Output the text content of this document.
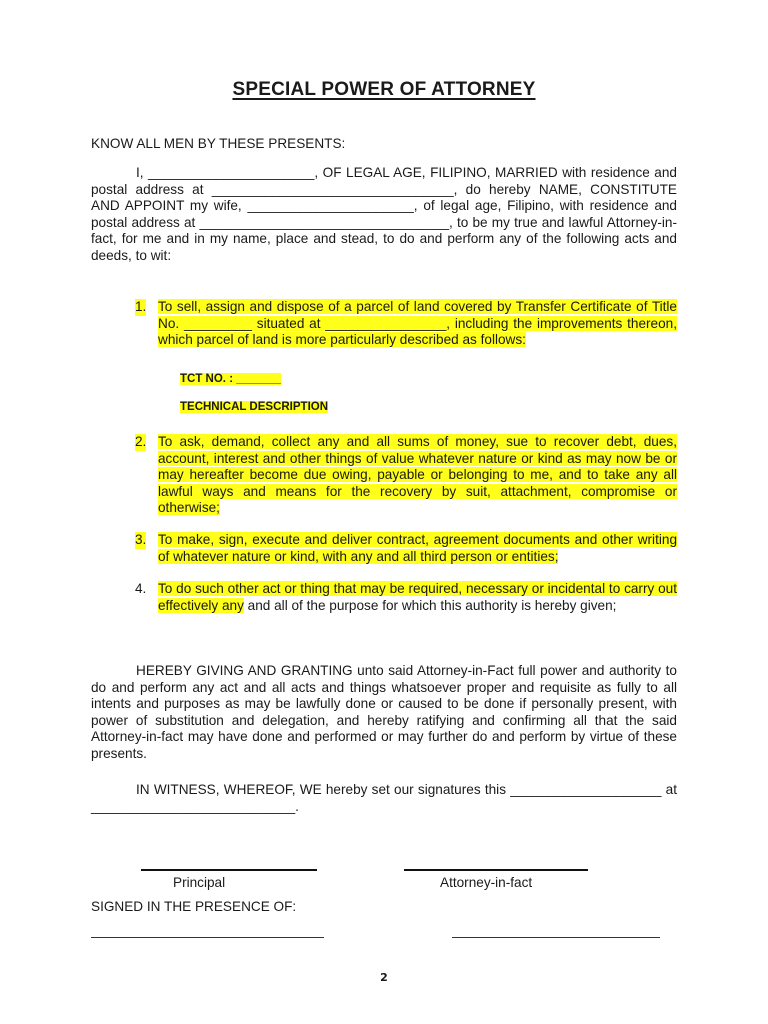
SPECIAL POWER OF ATTORNEY
KNOW ALL MEN BY THESE PRESENTS:
I, ______________________, OF LEGAL AGE, FILIPINO, MARRIED with residence and postal address at ________________________________, do hereby NAME, CONSTITUTE AND APPOINT my wife, ______________________, of legal age, Filipino, with residence and postal address at _________________________________, to be my true and lawful Attorney-in-fact, for me and in my name, place and stead, to do and perform any of the following acts and deeds, to wit:
1. To sell, assign and dispose of a parcel of land covered by Transfer Certificate of Title No. _________ situated at ________________, including the improvements thereon, which parcel of land is more particularly described as follows:
TCT NO. : _______
TECHNICAL DESCRIPTION
2. To ask, demand, collect any and all sums of money, sue to recover debt, dues, account, interest and other things of value whatever nature or kind as may now be or may hereafter become due owing, payable or belonging to me, and to take any all lawful ways and means for the recovery by suit, attachment, compromise or otherwise;
3. To make, sign, execute and deliver contract, agreement documents and other writing of whatever nature or kind, with any and all third person or entities;
4. To do such other act or thing that may be required, necessary or incidental to carry out effectively any and all of the purpose for which this authority is hereby given;
HEREBY GIVING AND GRANTING unto said Attorney-in-Fact full power and authority to do and perform any act and all acts and things whatsoever proper and requisite as fully to all intents and purposes as may be lawfully done or caused to be done if personally present, with power of substitution and delegation, and hereby ratifying and confirming all that the said Attorney-in-fact may have done and performed or may further do and perform by virtue of these presents.
IN WITNESS, WHEREOF, WE hereby set our signatures this ____________________ at ___________________________.
Principal	Attorney-in-fact
SIGNED IN THE PRESENCE OF:
2
